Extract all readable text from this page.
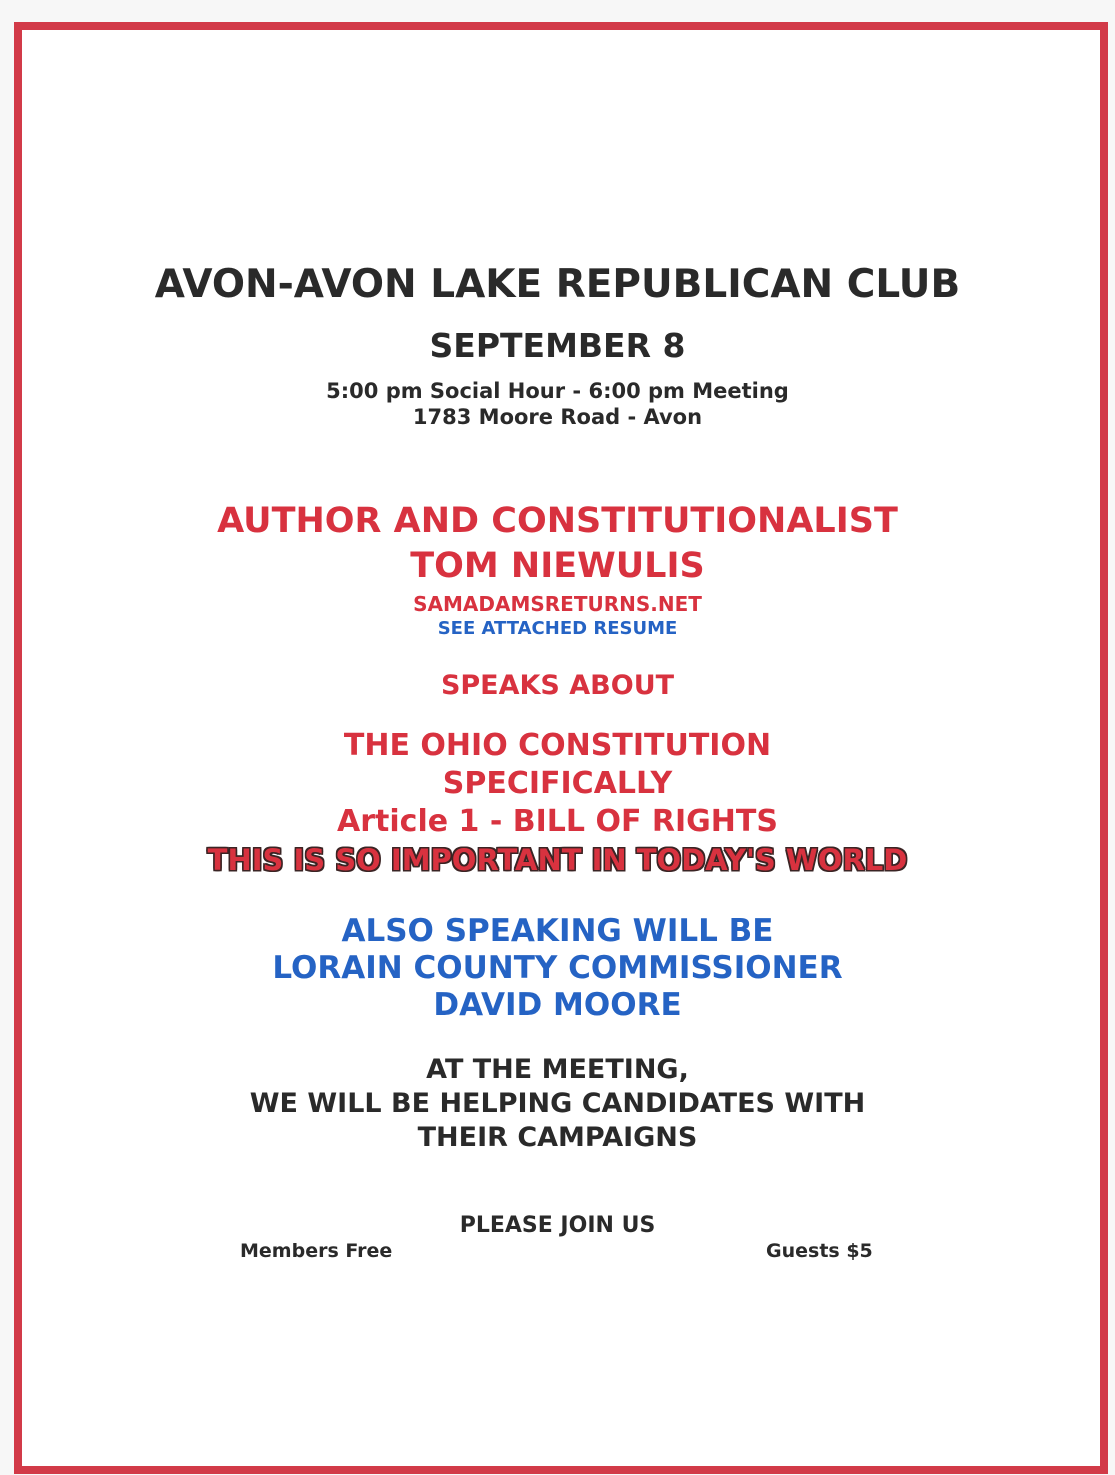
AVON-AVON LAKE REPUBLICAN CLUB

SEPTEMBER 8

5:00 pm Social Hour - 6:00 pm Meeting

1783 Moore Road - Avon

AUTHOR AND CONSTITUTIONALIST

TOM NIEWULIS

SAMADAMSRETURNS.NET

SEE ATTACHED RESUME

SPEAKS ABOUT

THE OHIO CONSTITUTION

SPECIFICALLY

Article 1 - BILL OF RIGHTS

THIS IS SO IMPORTANT IN TODAY'S WORLD

ALSO SPEAKING WILL BE

LORAIN COUNTY COMMISSIONER

DAVID MOORE

AT THE MEETING,

WE WILL BE HELPING CANDIDATES WITH

THEIR CAMPAIGNS

PLEASE JOIN US

Members Free	Guests $5
